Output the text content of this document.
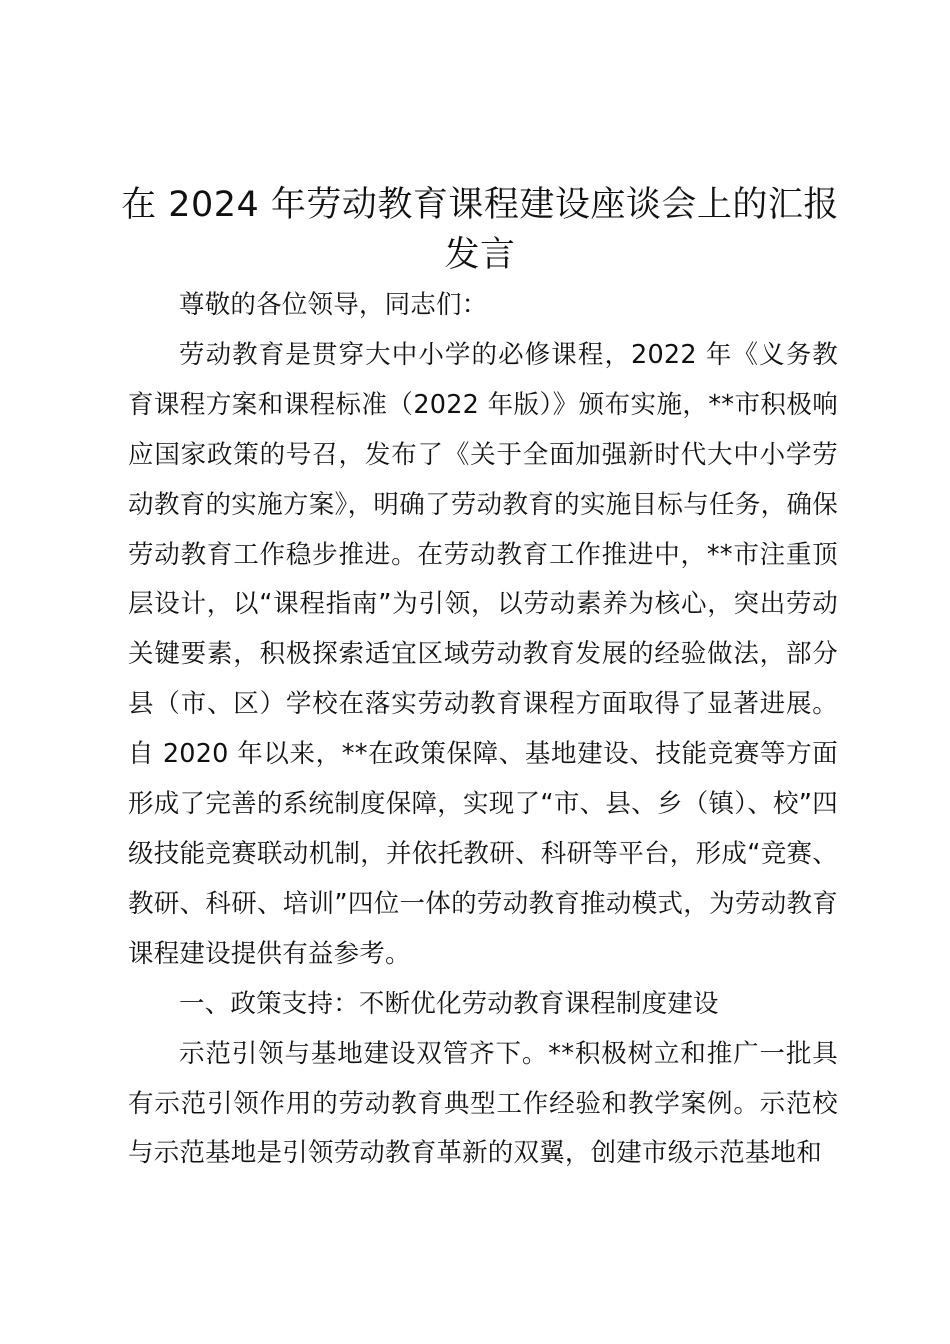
在 2024 年劳动教育课程建设座谈会上的汇报发言

尊敬的各位领导，同志们：

劳动教育是贯穿大中小学的必修课程，2022 年《义务教育课程方案和课程标准（2022 年版）》颁布实施，**市积极响应国家政策的号召，发布了《关于全面加强新时代大中小学劳动教育的实施方案》，明确了劳动教育的实施目标与任务，确保劳动教育工作稳步推进。在劳动教育工作推进中，**市注重顶层设计，以“课程指南”为引领，以劳动素养为核心，突出劳动关键要素，积极探索适宜区域劳动教育发展的经验做法，部分县（市、区）学校在落实劳动教育课程方面取得了显著进展。自 2020 年以来，**在政策保障、基地建设、技能竞赛等方面形成了完善的系统制度保障，实现了“市、县、乡（镇）、校”四级技能竞赛联动机制，并依托教研、科研等平台，形成“竞赛、教研、科研、培训”四位一体的劳动教育推动模式，为劳动教育课程建设提供有益参考。

一、政策支持：不断优化劳动教育课程制度建设

示范引领与基地建设双管齐下。**积极树立和推广一批具有示范引领作用的劳动教育典型工作经验和教学案例。示范校与示范基地是引领劳动教育革新的双翼，创建市级示范基地和
